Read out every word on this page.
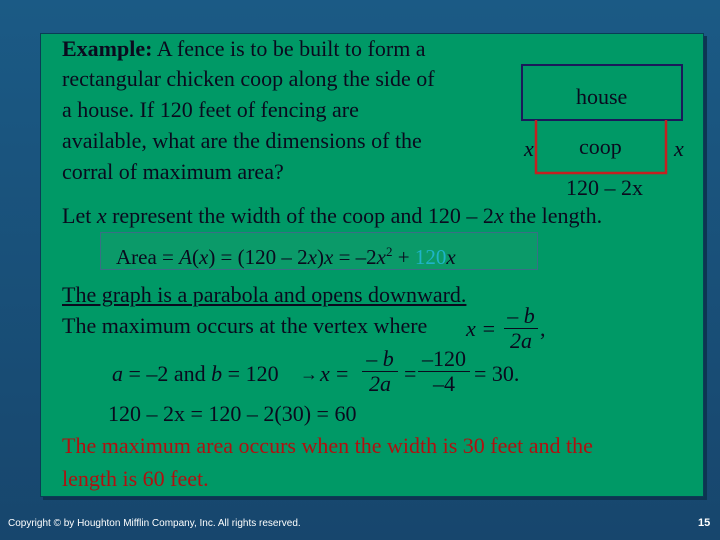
Example: A fence is to be built to form a
rectangular chicken coop along the side of
a house. If 120 feet of fencing are
available, what are the dimensions of the
corral of maximum area?
house
coop
x	x
120 – 2x
Let x represent the width of the coop and 120 – 2x the length.
Area = $A(x) = (120 - 2x)x = -2x^2 + 120x$
The graph is a parabola and opens downward.
The maximum occurs at the vertex where $x = \frac{- b}{2a}$ ,
a = –2 and $b = 120 \to x = \frac{- b}{2a} = \frac{-120}{-4} = 30$.
120 – 2x = 120 – 2(30) = 60
The maximum area occurs when the width is 30 feet and the
length is 60 feet.
Copyright © by Houghton Mifflin Company, Inc. All rights reserved.	15
